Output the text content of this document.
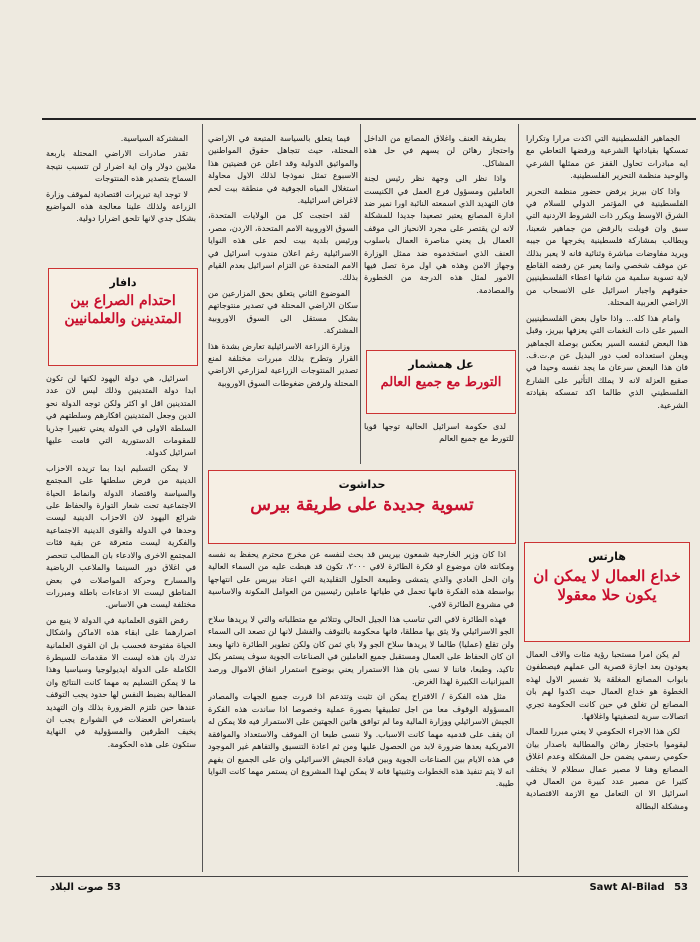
الجماهير الفلسطينية التي اكدت مرارا وتكرارا تمسكها بقياداتها الشرعية ورفضها التعاطي مع ايه مبادرات تحاول القفز عن ممثلها الشرعي والوحيد منظمة التحرير الفلسطينية.

واذا كان بيريز يرفض حضور منظمة التحرير الفلسطينية في المؤتمر الدولي للسلام في الشرق الاوسط ويكرر ذات الشروط الاردنية التي سبق وان قوبلت بالرفض من جماهير شعبنا، ويطالب بمشاركة فلسطينية يخرجها من جيبه ويريد مفاوضات مباشرة وثنائية فانه لا يعبر بذلك عن موقف شخصي وانما يعبر عن رفضه القاطع لاية تسوية سلمية من شانها اعطاء الفلسطينيين حقوقهم واجبار اسرائيل على الانسحاب من الاراضي العربية المحتلة.

وامام هذا كله... واذا حاول بعض الفلسطينيين السير على ذات النغمات التي يعزفها بيريز، وقبل هذا البعض لنفسه السير بعكس بوصلة الجماهير ويعلن استعداده لعب دور البديل عن م.ت.ف. فان هذا البعض سرعان ما يجد نفسه وحيدا في صقيع العزلة لانه لا يملك التأثير على الشارع الفلسطيني الذي طالما اكد تمسكه بقيادته الشرعية.

هارتس
خداع العمال لا يمكن ان يكون حلا معقولا

لم يكن امرا مستحبا رؤية مئات والاف العمال يعودون بعد اجازة قصرية الى عملهم فيصطفون بابواب المصانع المغلقة بلا تفسير الاول لهذه الخطوة هو خداع العمال حيث اكدوا لهم بان المصانع لن تغلق في حين كانت الحكومة تجري اتصالات سرية لتصفيتها واغلاقها.

لكن هذا الاجراء الحكومي لا يعني مبررا للعمال ليقوموا باحتجاز رهائن والمطالبة باصدار بيان حكومي رسمي يضمن حل المشكلة وعدم اغلاق المصانع وهنا لا مصير عمال سطلام لا يختلف كثيرا عن مصير عدد كبيرة من العمال في اسرائيل الا ان التعامل مع الازمة الاقتصادية ومشكلة البطالة

بطريقة العنف واغلاق المصانع من الداخل واحتجاز رهائن لن يسهم في حل هذه المشاكل.

واذا نظر الى وجهة نظر رئيس لجنة العاملين ومسؤول فرع العمل في الكنيست فان التهديد الذي اسمعته النائبة اورا نمير ضد ادارة المصانع يعتبر تصعيدا جديدا للمشكلة لانه لن يقتصر على مجرد الانحياز الى موقف العمال بل يعني مناصرة العمال باسلوب العنف الذي استخدموه ضد ممثل الوزارة وجهاز الامن وهذه هي اول مرة تصل فيها الامور لمثل هذه الدرجة من الخطورة والمصادمة.

عل همشمار
التورط مع جميع العالم

لدى حكومة اسرائيل الحالية توجها قويا للتورط مع جميع العالم

فيما يتعلق بالسياسة المتبعة في الاراضي المحتلة، حيث تتجاهل حقوق المواطنين والمواثيق الدولية وقد اعلن عن قضيتين هذا الاسبوع تمثل نموذجا لذلك الاول محاولة استغلال المياه الجوفية في منطقة بيت لحم لاغراض اسرائيلية.

لقد احتجت كل من الولايات المتحدة، السوق الاوروبية الامم المتحدة، الاردن، مصر، ورئيس بلدية بيت لحم على هذه النوايا الاسرائيلية رغم اعلان مندوب اسرائيل في الامم المتحدة عن التزام اسرائيل بعدم القيام بذلك.

الموضوع الثاني يتعلق بحق المزارعين من سكان الاراضي المحتلة في تصدير منتوجاتهم بشكل مستقل الى السوق الاوروبية المشتركة.

وزارة الزراعة الاسرائيلية تعارض بشدة هذا القرار وتطرح بذلك مبررات مختلفة لمنع تصدير المنتوجات الزراعية لمزارعي الاراضي المحتلة ولرفض ضغوطات السوق الاوروبية

المشتركة السياسية.

تقدر صادرات الاراضي المحتلة باربعة ملايين دولار وان اية اضرار لن تتسبب نتيجة السماح بتصدير هذه المنتوجات

لا توجد اية تبريرات اقتصادية لموقف وزارة الزراعة ولذلك علينا معالجة هذه المواضيع بشكل جدي لانها تلحق اضرارا دولية.

دافار
احتدام الصراع بين المتدينين والعلمانيين

اسرائيل، هي دولة اليهود لكنها لن تكون ابدا دولة المتدينين وذلك ليس لان عدد المتدينين اقل او اكثر ولكن توجه الدولة نحو الدين وجعل المتدينين افكارهم وسلطتهم في السلطة الاولى في الدولة يعني تغييرا جذريا للمقومات الدستورية التي قامت عليها اسرائيل كدولة.

لا يمكن التسليم ابدا بما تريده الاحزاب الدينية من فرض سلطتها على المجتمع والسياسة واقتصاد الدولة وانماط الحياة الاجتماعية تحت شعار التوارة والحفاظ على شرائع اليهود لان الاحزاب الدينية ليست وحدها في الدولة والقوى الدينية الاجتماعية والفكرية ليست متعرقة عن بقية فئات المجتمع الاخرى والادعاء بان المطالب تنحصر في اغلاق دور السينما والملاعب الرياضية والمسارح وحركة المواصلات في بعض المناطق ليست الا ادعاءات باطلة ومبررات مختلفة ليست هي الاساس.

رفض القوى العلمانية في الدولة لا ينبع من اصرارهما على ابقاء هذه الاماكن واشكال الحياة مفتوحة فحسب بل ان القوى العلمانية تدرك بان هذه ليست الا مقدمات للسيطرة الكاملة على الدولة ايديولوجيا وسياسيا وهذا ما لا يمكن التسليم به مهما كانت النتائج وان المطالبة بضبط النفس لها حدود يجب التوقف عندها حين تلتزم الضرورة بذلك وان التهديد باستعراض العضلات في الشوارع يجب ان يخيف الطرفين والمسؤولية في النهاية ستكون على هذه الحكومة.

حداشوت
تسوية جديدة على طريقة بيرس

اذا كان وزير الخارجية شمعون بيريس قد بحث لنفسه عن مخرج محترم يحفظ به نفسه ومكانته فان موضوع او فكرة الطائرة لافي ٢٠٠٠، تكون قد هبطت عليه من السماء العالية وان الحل العادي والذي يتمشى وطبيعة الحلول التقليدية التي اعتاد بيريس على انتهاجها بواسطة هذه الفكرة فانها تحمل في طياتها عاملين رئيسيين من العوامل المكونة والاساسية في مشروع الطائرة لافي.

فهذه الطائرة لافي التي تناسب هذا الجيل الحالي وتتلائم مع متطلباته والتي لا يريدها سلاح الجو الاسرائيلي ولا يثق بها مطلقا، فانها محكومة بالتوقف والفشل لانها لن تصعد الى السماء ولن تقلع (عمليا) طالما لا يريدها سلاح الجو ولا باي ثمن كان ولكن تطوير الطائرة ذاتها وبعد ان كان الحفاظ على العمال ومستقبل جميع العاملين في الصناعات الجوية سوف يستمر بكل تاكيد، وطبعا، فاننا لا نسى بان هذا الاستمرار يعني بوضوح استمرار انفاق الاموال ورصد الميزانيات الكبيرة لهذا الغرض.

مثل هذه الفكرة / الاقتراح يمكن ان تثبت وتتدعم اذا قررت جميع الجهات والمصادر المسؤولة الوقوف معا من اجل تطبيقها بصورة عملية وخصوصا اذا ساندت هذه الفكرة الجيش الاسرائيلي ووزارة المالية وما لم توافق هاتين الجهتين على الاستمرار فيه فلا يمكن له ان يقف على قدميه مهما كانت الاسباب. ولا ننسى طبعا ان الموقف والاستعداد والموافقة الامريكية بعدها ضرورة لابد من الحصول عليها ومن ثم اعادة التنسيق والتفاهم غير الموجود في هذه الايام بين الصناعات الجوية وبين قيادة الجيش الاسرائيلي وان على الجميع ان يفهم انه لا يتم تنفيذ هذه الخطوات وتثبيتها فانه لا يمكن لهذا المشروع ان يستمر مهما كانت النوايا طيبة.

53 صوت البلاد	Sawt Al-Bilad 53
